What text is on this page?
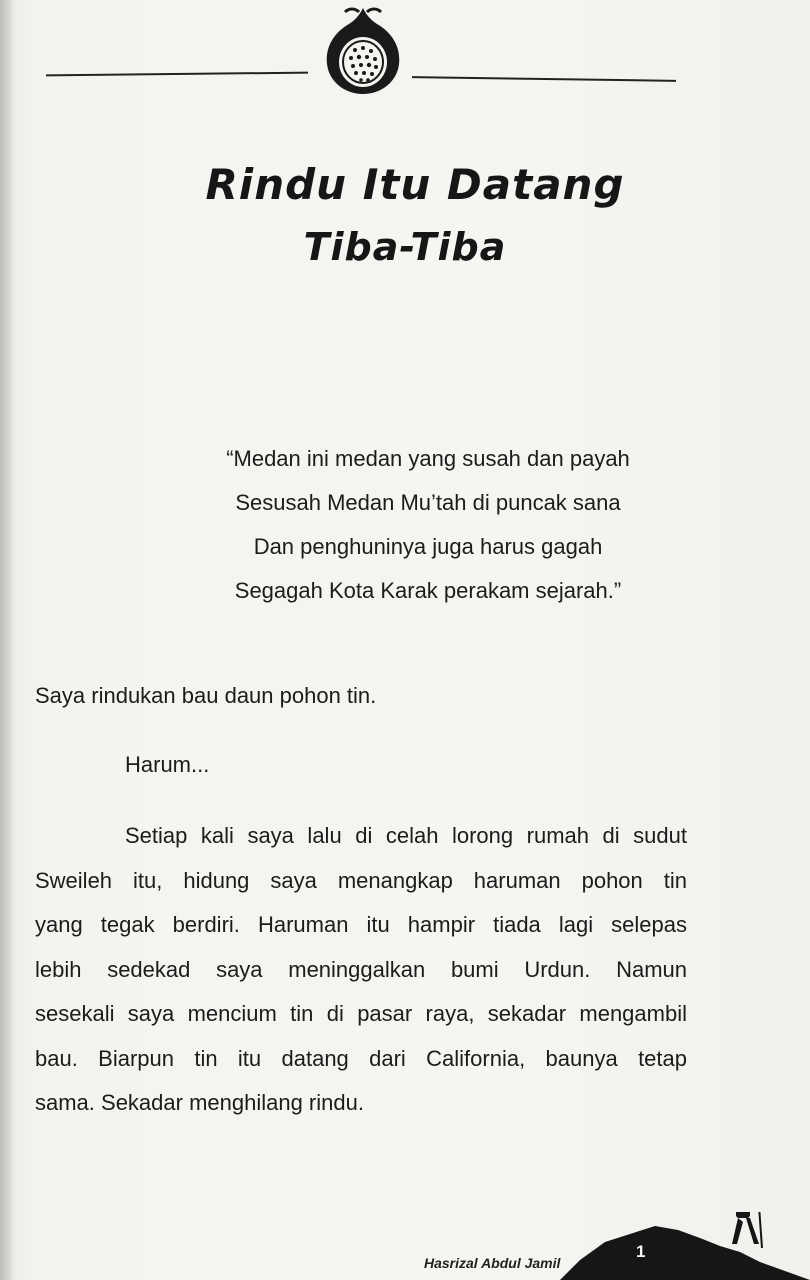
Rindu Itu Datang
Tiba-Tiba
“Medan ini medan yang susah dan payah
Sesusah Medan Mu’tah di puncak sana
Dan penghuninya juga harus gagah
Segagah Kota Karak perakam sejarah.”
Saya rindukan bau daun pohon tin.
Harum...
Setiap kali saya lalu di celah lorong rumah di sudut
Sweileh itu, hidung saya menangkap haruman pohon tin
yang tegak berdiri. Haruman itu hampir tiada lagi selepas
lebih sedekad saya meninggalkan bumi Urdun. Namun
sesekali saya mencium tin di pasar raya, sekadar mengambil
bau. Biarpun tin itu datang dari California, baunya tetap
sama. Sekadar menghilang rindu.
Hasrizal Abdul Jamil
1
